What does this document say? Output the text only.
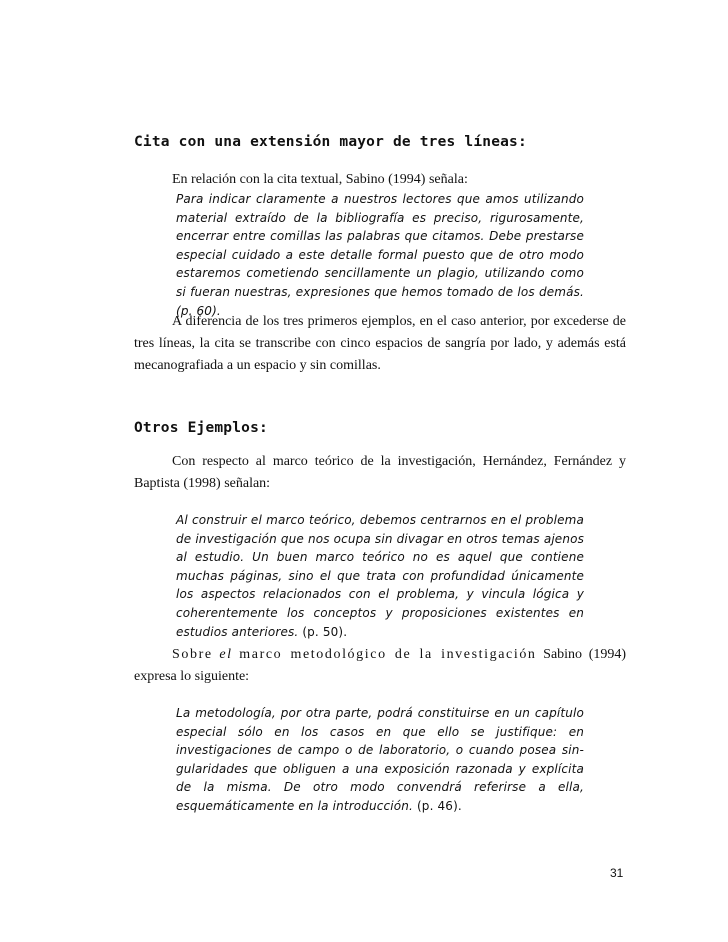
Cita con una extensión mayor de tres líneas:

En relación con la cita textual, Sabino (1994) señala:

Para indicar claramente a nuestros lectores que amos utilizando material extraído de la bibliografía es preciso, rigurosamente, encerrar entre comillas las palabras que citamos. Debe prestarse especial cuidado a este detalle formal puesto que de otro modo estaremos cometiendo sencillamente un plagio, utilizando como si fueran nuestras, expresiones que hemos tomado de los demás. (p. 60).

A diferencia de los tres primeros ejemplos, en el caso anterior, por excederse de tres líneas, la cita se transcribe con cinco espacios de sangría por lado, y además está mecanografiada a un espacio y sin comillas.

Otros Ejemplos:

Con respecto al marco teórico de la investigación, Hernández, Fernández y Baptista (1998) señalan:

Al construir el marco teórico, debemos centrarnos en el problema de investigación que nos ocupa sin divagar en otros temas ajenos al estudio. Un buen marco teórico no es aquel que contiene muchas páginas, sino el que trata con profundidad únicamente los aspectos relacionados con el problema, y vincula lógica y coherentemente los conceptos y proposiciones existentes en estudios anteriores. (p. 50).

Sobre el marco metodológico de la investigación Sabino (1994) expresa lo siguiente:

La metodología, por otra parte, podrá constituirse en un capítulo especial sólo en los casos en que ello se justifique: en investigaciones de campo o de laboratorio, o cuando posea sin-gularidades que obliguen a una exposición razonada y explícita de la misma. De otro modo convendrá referirse a ella, esquemáticamente en la introducción. (p. 46).

31
